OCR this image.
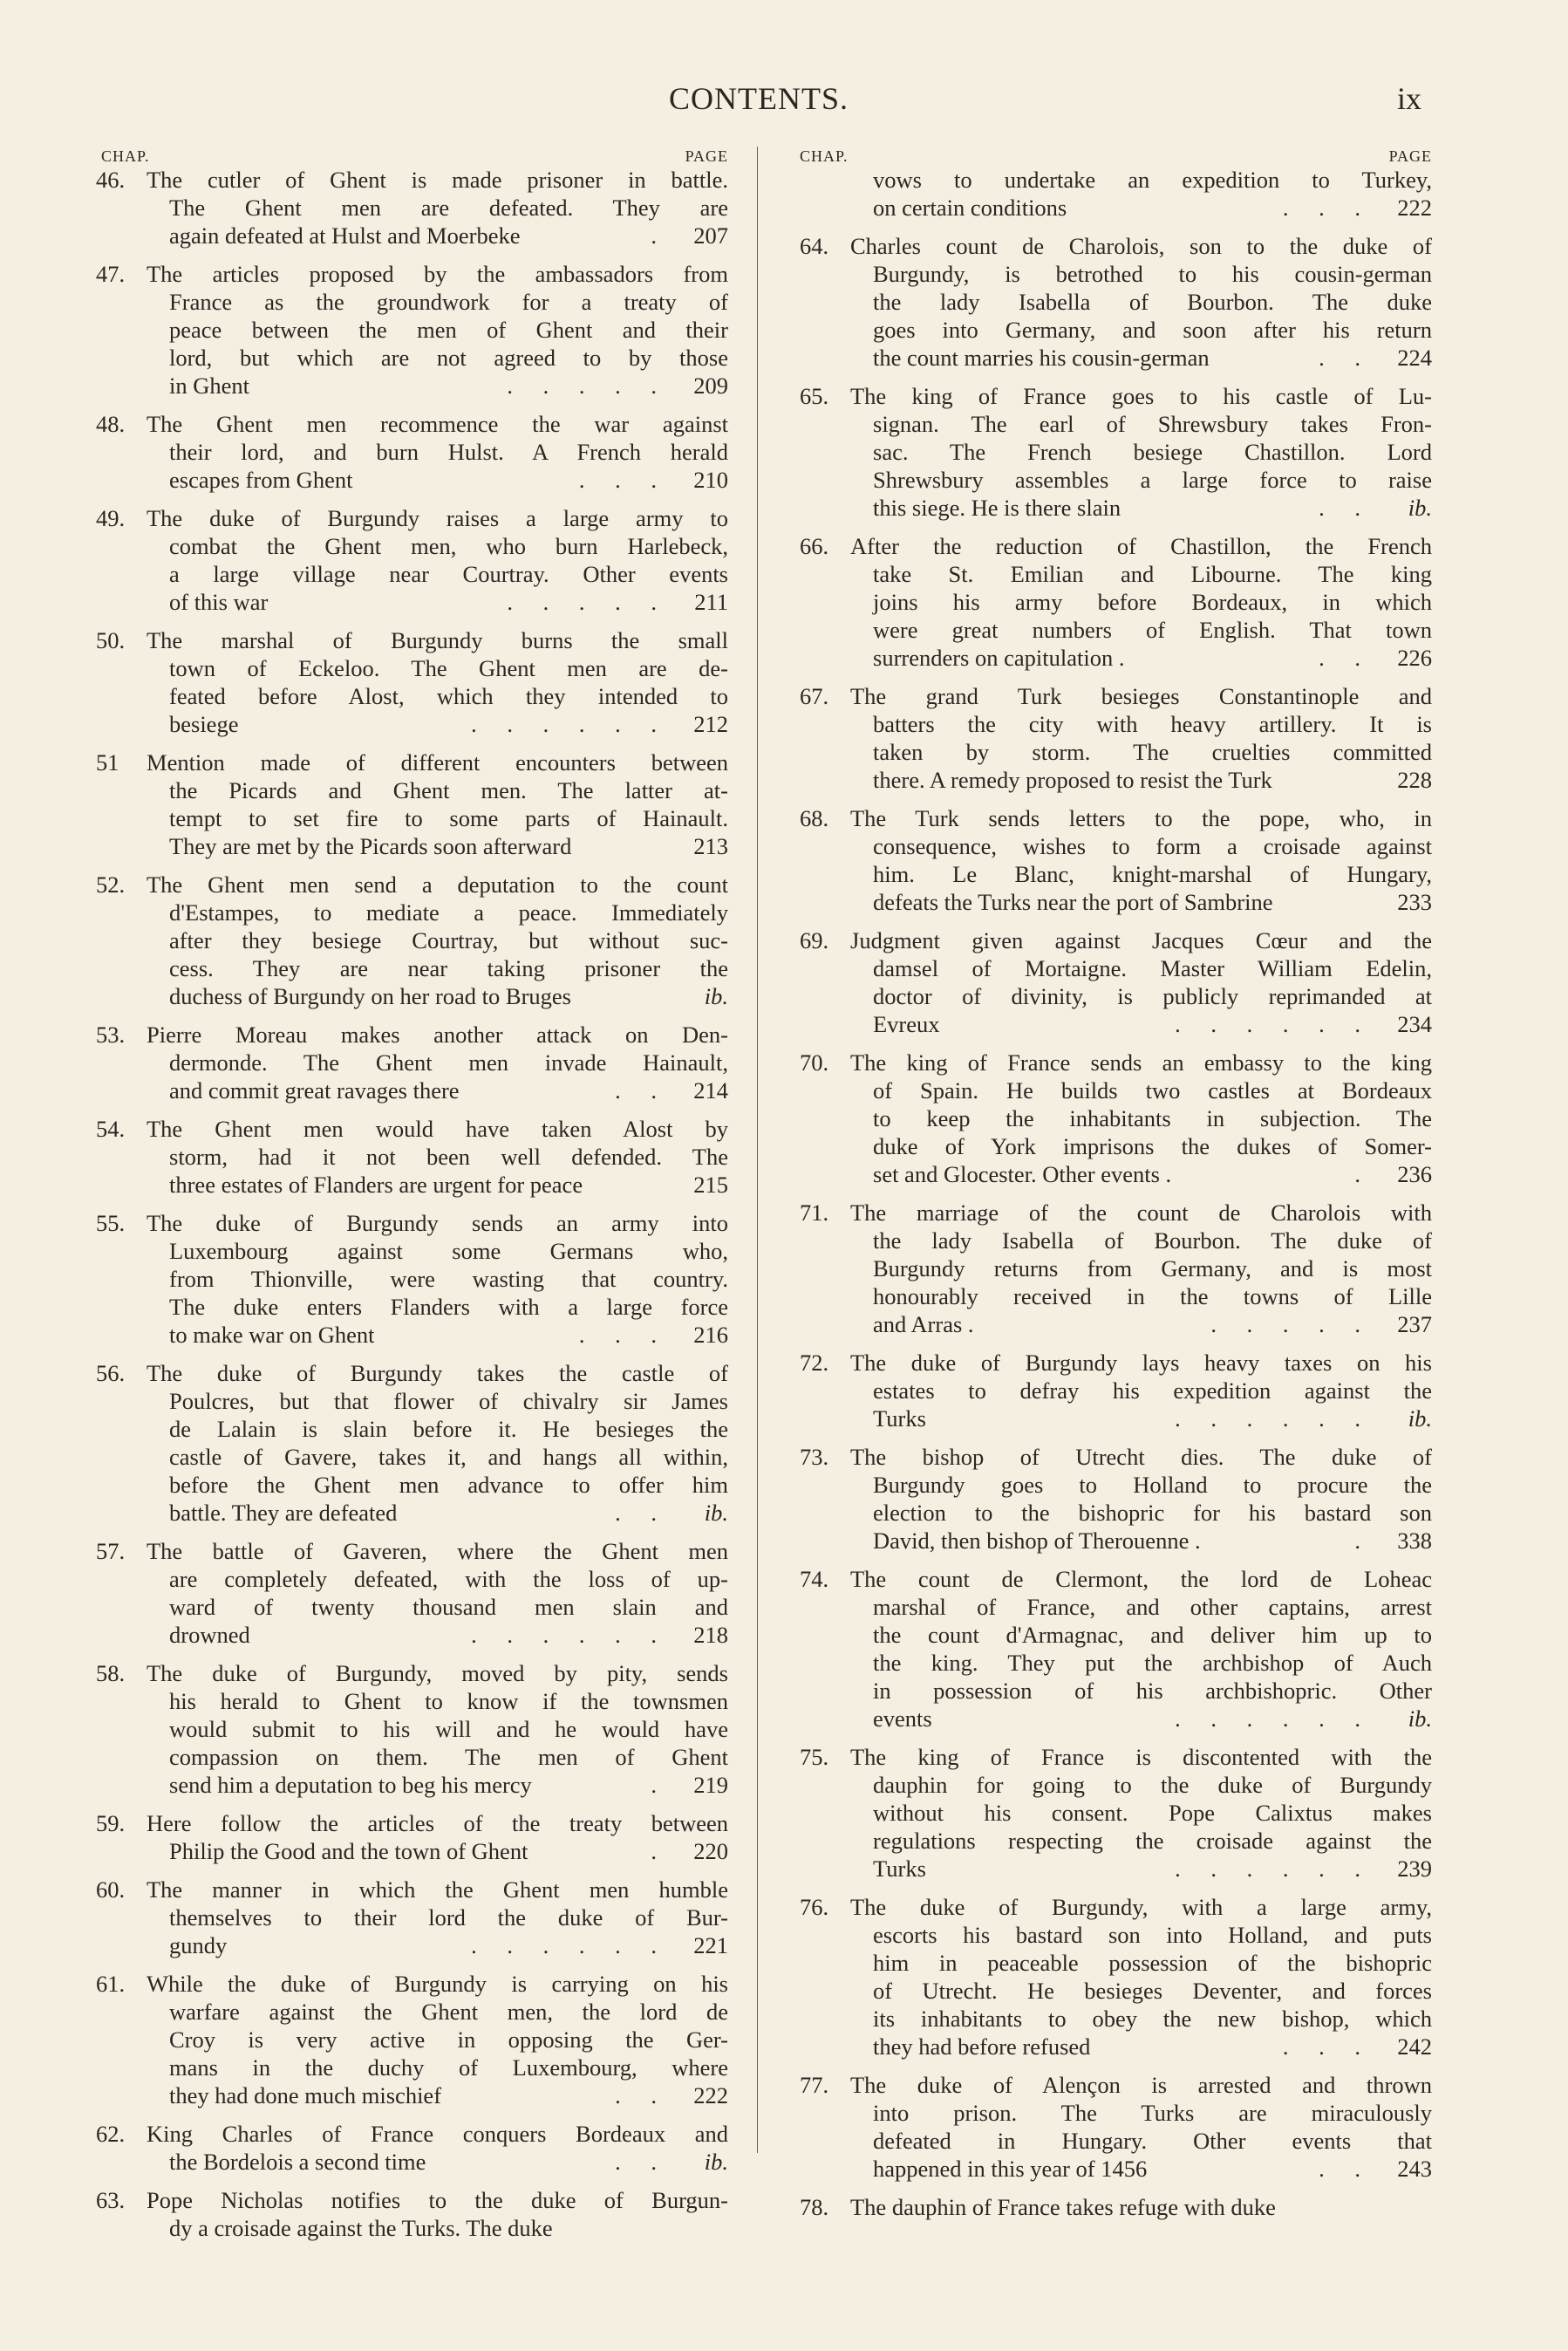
CONTENTS.	ix
CHAP.	PAGE
46. The cutler of Ghent is made prisoner in battle.
The Ghent men are defeated. They are
again defeated at Hulst and Moerbeke	.	207
47. The articles proposed by the ambassadors from
France as the groundwork for a treaty of
peace between the men of Ghent and their
lord, but which are not agreed to by those
in Ghent	. . . . .	209
48. The Ghent men recommence the war against
their lord, and burn Hulst. A French herald
escapes from Ghent	. . .	210
49. The duke of Burgundy raises a large army to
combat the Ghent men, who burn Harlebeck,
a large village near Courtray. Other events
of this war	. . . . .	211
50. The marshal of Burgundy burns the small
town of Eckeloo. The Ghent men are de-
feated before Alost, which they intended to
besiege	. . . . . .	212
51	Mention made of different encounters between
the Picards and Ghent men. The latter at-
tempt to set fire to some parts of Hainault.
They are met by the Picards soon afterward	213
52. The Ghent men send a deputation to the count
d'Estampes, to mediate a peace. Immediately
after they besiege Courtray, but without suc-
cess. They are near taking prisoner the
duchess of Burgundy on her road to Bruges	ib.
53. Pierre Moreau makes another attack on Den-
dermonde. The Ghent men invade Hainault,
and commit great ravages there	. .	214
54. The Ghent men would have taken Alost by
storm, had it not been well defended. The
three estates of Flanders are urgent for peace	215
55. The duke of Burgundy sends an army into
Luxembourg against some Germans who,
from Thionville, were wasting that country.
The duke enters Flanders with a large force
to make war on Ghent	. . .	216
56. The duke of Burgundy takes the castle of
Poulcres, but that flower of chivalry sir James
de Lalain is slain before it. He besieges the
castle of Gavere, takes it, and hangs all within,
before the Ghent men advance to offer him
battle. They are defeated	. .	ib.
57. The battle of Gaveren, where the Ghent men
are completely defeated, with the loss of up-
ward of twenty thousand men slain and
drowned	. . . . . .	218
58. The duke of Burgundy, moved by pity, sends
his herald to Ghent to know if the townsmen
would submit to his will and he would have
compassion on them. The men of Ghent
send him a deputation to beg his mercy	.	219
59. Here follow the articles of the treaty between
Philip the Good and the town of Ghent	.	220
60. The manner in which the Ghent men humble
themselves to their lord the duke of Bur-
gundy	. . . . . .	221
61. While the duke of Burgundy is carrying on his
warfare against the Ghent men, the lord de
Croy is very active in opposing the Ger-
mans in the duchy of Luxembourg, where
they had done much mischief	. .	222
62. King Charles of France conquers Bordeaux and
the Bordelois a second time	. .	ib.
63. Pope Nicholas notifies to the duke of Burgun-
dy a croisade against the Turks. The duke
CHAP.	PAGE
vows to undertake an expedition to Turkey,
on certain conditions	. . .	222
64. Charles count de Charolois, son to the duke of
Burgundy, is betrothed to his cousin-german
the lady Isabella of Bourbon. The duke
goes into Germany, and soon after his return
the count marries his cousin-german	. .	224
65. The king of France goes to his castle of Lu-
signan. The earl of Shrewsbury takes Fron-
sac. The French besiege Chastillon. Lord
Shrewsbury assembles a large force to raise
this siege. He is there slain	. .	ib.
66. After the reduction of Chastillon, the French
take St. Emilian and Libourne. The king
joins his army before Bordeaux, in which
were great numbers of English. That town
surrenders on capitulation .	. .	226
67. The grand Turk besieges Constantinople and
batters the city with heavy artillery. It is
taken by storm. The cruelties committed
there. A remedy proposed to resist the Turk	228
68. The Turk sends letters to the pope, who, in
consequence, wishes to form a croisade against
him. Le Blanc, knight-marshal of Hungary,
defeats the Turks near the port of Sambrine	233
69. Judgment given against Jacques Cœur and the
damsel of Mortaigne. Master William Edelin,
doctor of divinity, is publicly reprimanded at
Evreux	. . . . . .	234
70. The king of France sends an embassy to the king
of Spain. He builds two castles at Bordeaux
to keep the inhabitants in subjection. The
duke of York imprisons the dukes of Somer-
set and Glocester. Other events .	.	236
71. The marriage of the count de Charolois with
the lady Isabella of Bourbon. The duke of
Burgundy returns from Germany, and is most
honourably received in the towns of Lille
and Arras .	. . . . .	237
72. The duke of Burgundy lays heavy taxes on his
estates to defray his expedition against the
Turks	. . . . . .	ib.
73. The bishop of Utrecht dies. The duke of
Burgundy goes to Holland to procure the
election to the bishopric for his bastard son
David, then bishop of Therouenne .	.	338
74. The count de Clermont, the lord de Loheac
marshal of France, and other captains, arrest
the count d'Armagnac, and deliver him up to
the king. They put the archbishop of Auch
in possession of his archbishopric. Other
events	. . . . . .	ib.
75. The king of France is discontented with the
dauphin for going to the duke of Burgundy
without his consent. Pope Calixtus makes
regulations respecting the croisade against the
Turks	. . . . . .	239
76. The duke of Burgundy, with a large army,
escorts his bastard son into Holland, and puts
him in peaceable possession of the bishopric
of Utrecht. He besieges Deventer, and forces
its inhabitants to obey the new bishop, which
they had before refused	. . .	242
77. The duke of Alençon is arrested and thrown
into prison. The Turks are miraculously
defeated in Hungary. Other events that
happened in this year of 1456	. .	243
78. The dauphin of France takes refuge with duke
